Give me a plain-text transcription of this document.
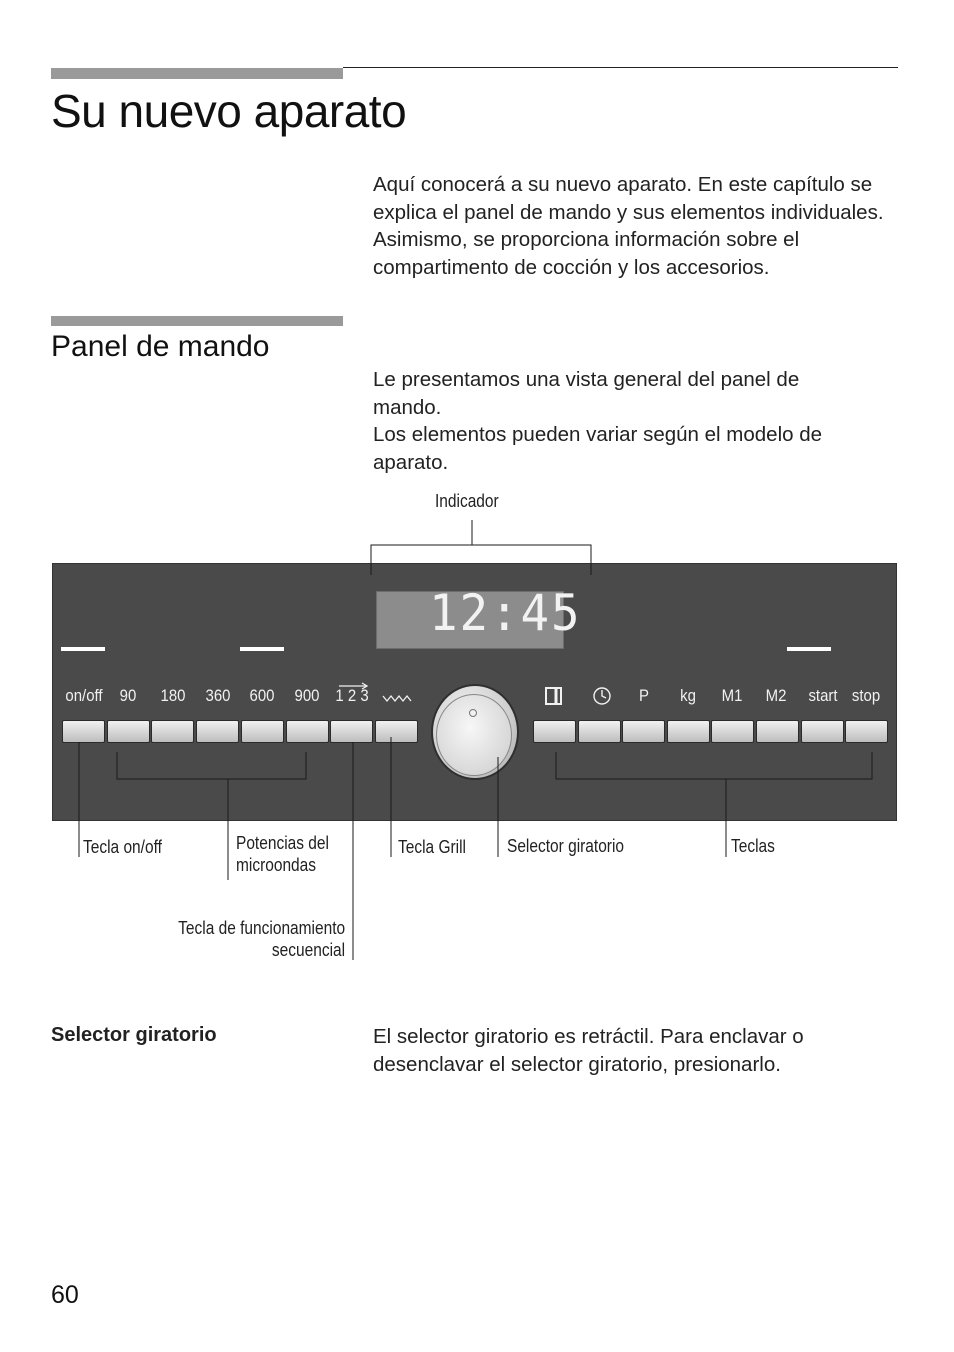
Su nuevo aparato

Aquí conocerá a su nuevo aparato. En este capítulo se explica el panel de mando y sus elementos individuales. Asimismo, se proporciona información sobre el compartimento de cocción y los accesorios.

Panel de mando

Le presentamos una vista general del panel de mando.

Los elementos pueden variar según el modelo de aparato.

Indicador
12:45
on/off 90 180 360 600 900 1 2 3	P kg M1 M2 start stop
Tecla on/off	Potencias del
microondas
Tecla Grill Selector giratorio	Teclas
Tecla de funcionamiento
secuencial
Selector giratorio	El selector giratorio es retráctil. Para enclavar o

desenclavar el selector giratorio, presionarlo.

60
